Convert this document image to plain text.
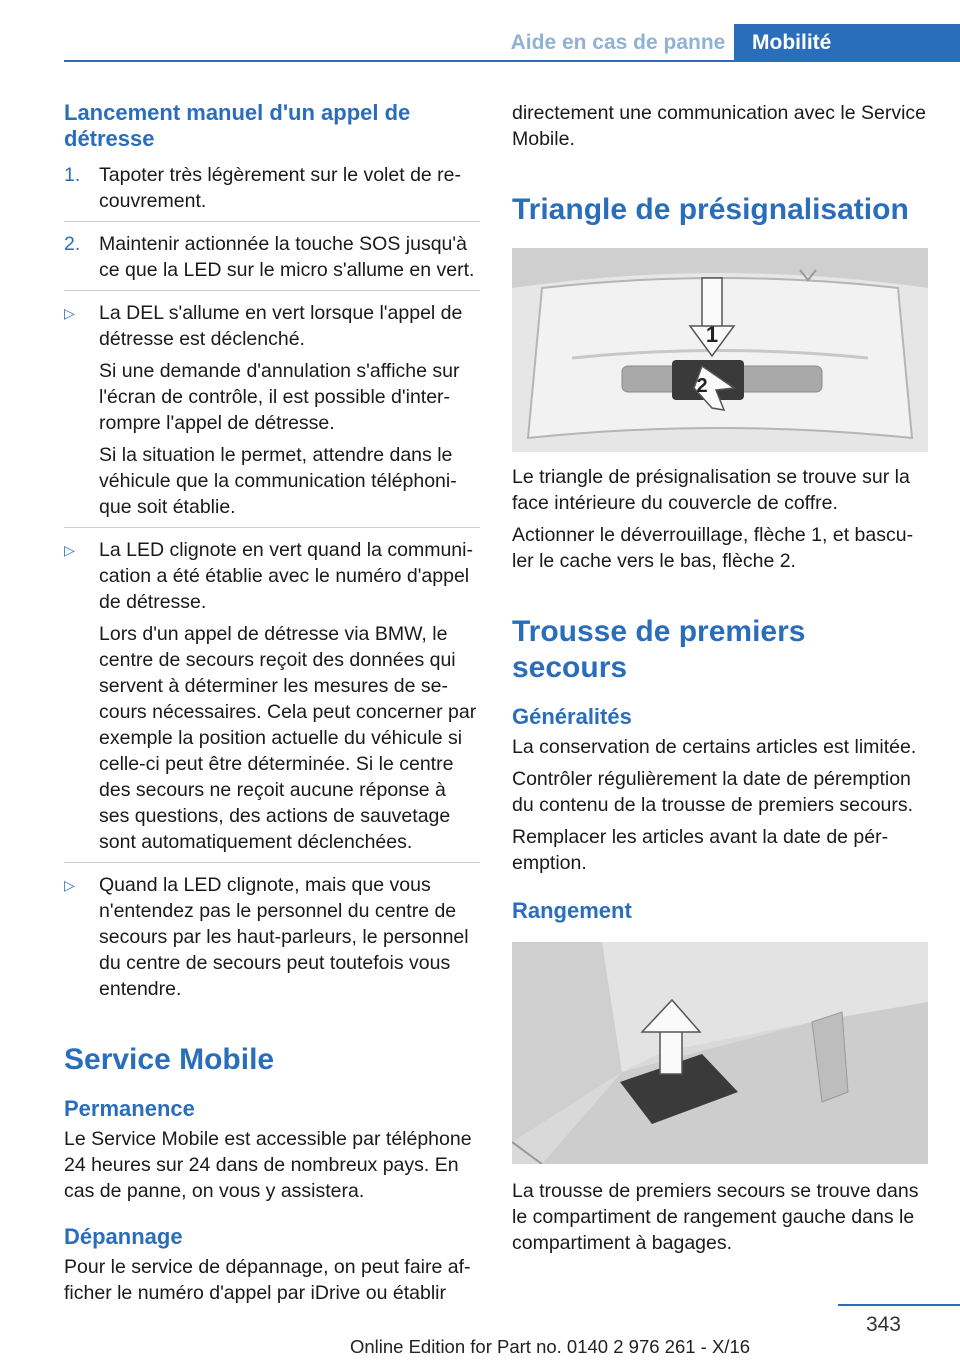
Aide en cas de panne	Mobilité
Lancement manuel d'un appel de détresse
1. Tapoter très légèrement sur le volet de recouvrement.

2. Maintenir actionnée la touche SOS jusqu'à ce que la LED sur le micro s'allume en vert.

▷ La DEL s'allume en vert lorsque l'appel de détresse est déclenché.

Si une demande d'annulation s'affiche sur l'écran de contrôle, il est possible d'interrompre l'appel de détresse.

Si la situation le permet, attendre dans le véhicule que la communication téléphonique soit établie.

▷ La LED clignote en vert quand la communication a été établie avec le numéro d'appel de détresse.

Lors d'un appel de détresse via BMW, le centre de secours reçoit des données qui servent à déterminer les mesures de secours nécessaires. Cela peut concerner par exemple la position actuelle du véhicule si celle-ci peut être déterminée. Si le centre des secours ne reçoit aucune réponse à ses questions, des actions de sauvetage sont automatiquement déclenchées.

▷ Quand la LED clignote, mais que vous n'entendez pas le personnel du centre de secours par les haut-parleurs, le personnel du centre de secours peut toutefois vous entendre.

Service Mobile
Permanence

Le Service Mobile est accessible par téléphone 24 heures sur 24 dans de nombreux pays. En cas de panne, on vous y assistera.

Dépannage

Pour le service de dépannage, on peut faire afficher le numéro d'appel par iDrive ou établir

directement une communication avec le Service Mobile.

Triangle de présignalisation
1
2

Le triangle de présignalisation se trouve sur la face intérieure du couvercle de coffre.

Actionner le déverrouillage, flèche 1, et basculer le cache vers le bas, flèche 2.

Trousse de premiers secours
Généralités

La conservation de certains articles est limitée.

Contrôler régulièrement la date de péremption du contenu de la trousse de premiers secours.

Remplacer les articles avant la date de péremption.

Rangement

La trousse de premiers secours se trouve dans le compartiment de rangement gauche dans le compartiment à bagages.

343
Online Edition for Part no. 0140 2 976 261 - X/16
